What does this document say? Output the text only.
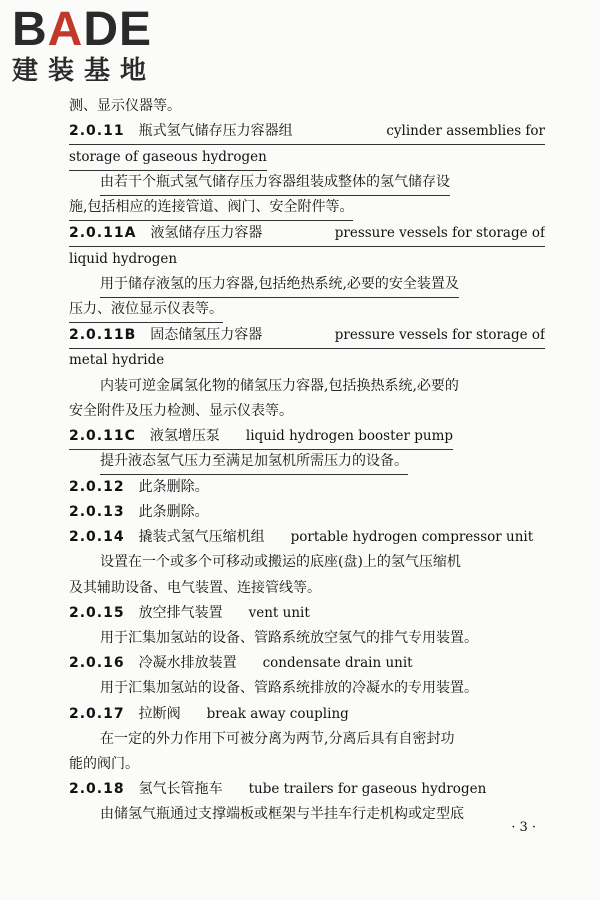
BADE
建装基地
测、显示仪器等。
2.0.11 瓶式氢气储存压力容器组	cylinder assemblies for
storage of gaseous hydrogen
由若干个瓶式氢气储存压力容器组装成整体的氢气储存设
施,包括相应的连接管道、阀门、安全附件等。
2.0.11A 液氢储存压力容器	pressure vessels for storage of
liquid hydrogen
用于储存液氢的压力容器,包括绝热系统,必要的安全装置及
压力、液位显示仪表等。
2.0.11B 固态储氢压力容器	pressure vessels for storage of
metal hydride
内装可逆金属氢化物的储氢压力容器,包括换热系统,必要的
安全附件及压力检测、显示仪表等。
2.0.11C 液氢增压泵 liquid hydrogen booster pump
提升液态氢气压力至满足加氢机所需压力的设备。
2.0.12 此条删除。
2.0.13 此条删除。
2.0.14 撬装式氢气压缩机组 portable hydrogen compressor unit
设置在一个或多个可移动或搬运的底座(盘)上的氢气压缩机
及其辅助设备、电气装置、连接管线等。
2.0.15 放空排气装置 vent unit
用于汇集加氢站的设备、管路系统放空氢气的排气专用装置。
2.0.16 冷凝水排放装置 condensate drain unit
用于汇集加氢站的设备、管路系统排放的冷凝水的专用装置。
2.0.17 拉断阀 break away coupling
在一定的外力作用下可被分离为两节,分离后具有自密封功
能的阀门。
2.0.18 氢气长管拖车 tube trailers for gaseous hydrogen
由储氢气瓶通过支撑端板或框架与半挂车行走机构或定型底
· 3 ·
